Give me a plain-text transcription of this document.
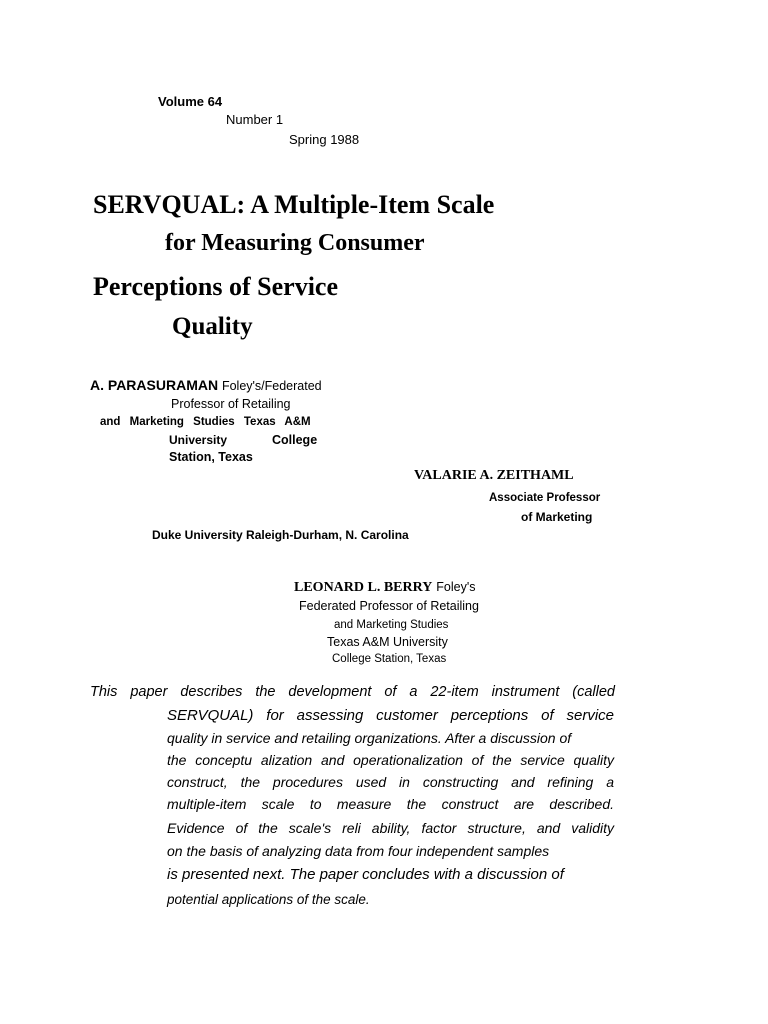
Volume 64
Number 1
Spring 1988
SERVQUAL: A Multiple-Item Scale
for Measuring Consumer
Perceptions of Service
Quality
A. PARASURAMAN Foley's/Federated
Professor of Retailing
and Marketing Studies Texas A&M
University	College
Station, Texas
VALARIE A. ZEITHAML
Associate Professor
of Marketing
Duke University Raleigh-Durham, N. Carolina
LEONARD L. BERRY Foley's
Federated Professor of Retailing
and Marketing Studies
Texas A&M University
College Station, Texas
This paper describes the development of a 22-item instrument (called
SERVQUAL) for assessing customer perceptions of service
quality in service and retailing organizations. After a discussion of
the conceptu alization and operationalization of the service quality
construct, the procedures used in constructing and refining a
multiple-item scale to measure the construct are described.
Evidence of the scale's reli ability, factor structure, and validity
on the basis of analyzing data from four independent samples
is presented next. The paper concludes with a discussion of
potential applications of the scale.
